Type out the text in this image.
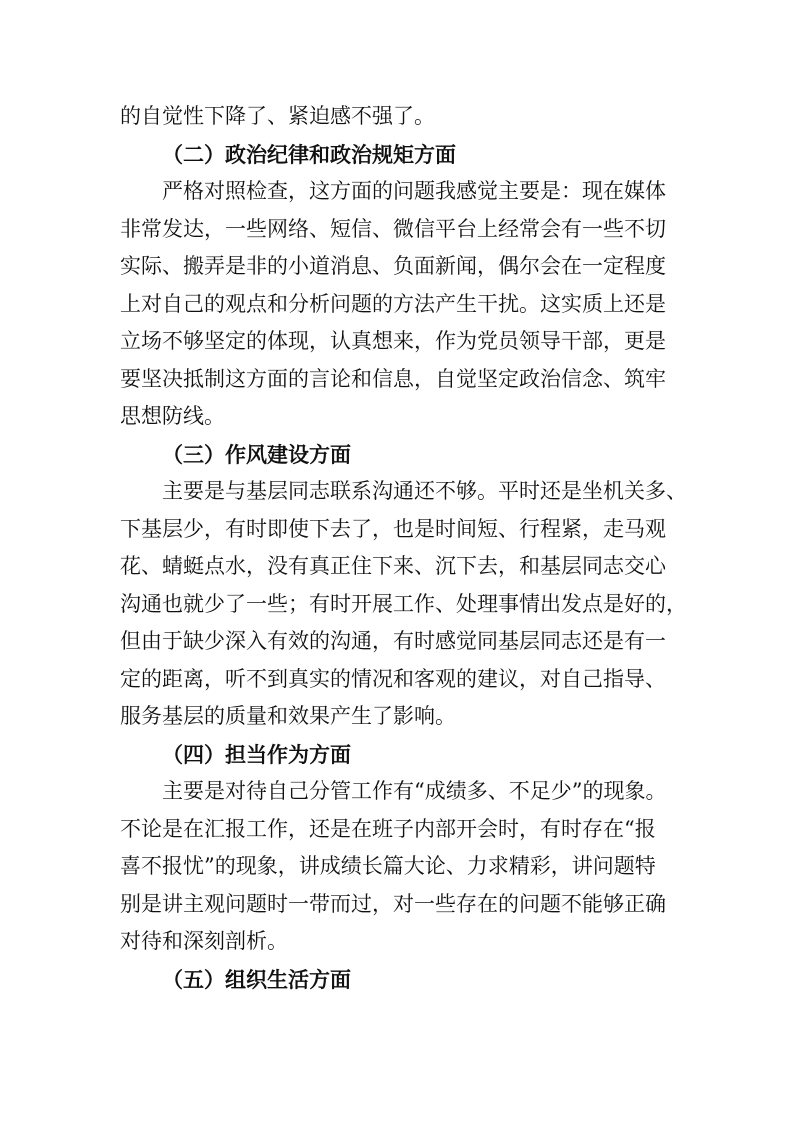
的自觉性下降了、紧迫感不强了。
（二）政治纪律和政治规矩方面
严格对照检查，这方面的问题我感觉主要是：现在媒体
非常发达，一些网络、短信、微信平台上经常会有一些不切
实际、搬弄是非的小道消息、负面新闻，偶尔会在一定程度
上对自己的观点和分析问题的方法产生干扰。这实质上还是
立场不够坚定的体现，认真想来，作为党员领导干部，更是
要坚决抵制这方面的言论和信息，自觉坚定政治信念、筑牢
思想防线。
（三）作风建设方面
主要是与基层同志联系沟通还不够。平时还是坐机关多、
下基层少，有时即使下去了，也是时间短、行程紧，走马观
花、蜻蜓点水，没有真正住下来、沉下去，和基层同志交心
沟通也就少了一些；有时开展工作、处理事情出发点是好的，
但由于缺少深入有效的沟通，有时感觉同基层同志还是有一
定的距离，听不到真实的情况和客观的建议，对自己指导、
服务基层的质量和效果产生了影响。
（四）担当作为方面
主要是对待自己分管工作有“成绩多、不足少”的现象。
不论是在汇报工作，还是在班子内部开会时，有时存在“报
喜不报忧”的现象，讲成绩长篇大论、力求精彩，讲问题特
别是讲主观问题时一带而过，对一些存在的问题不能够正确
对待和深刻剖析。
（五）组织生活方面
